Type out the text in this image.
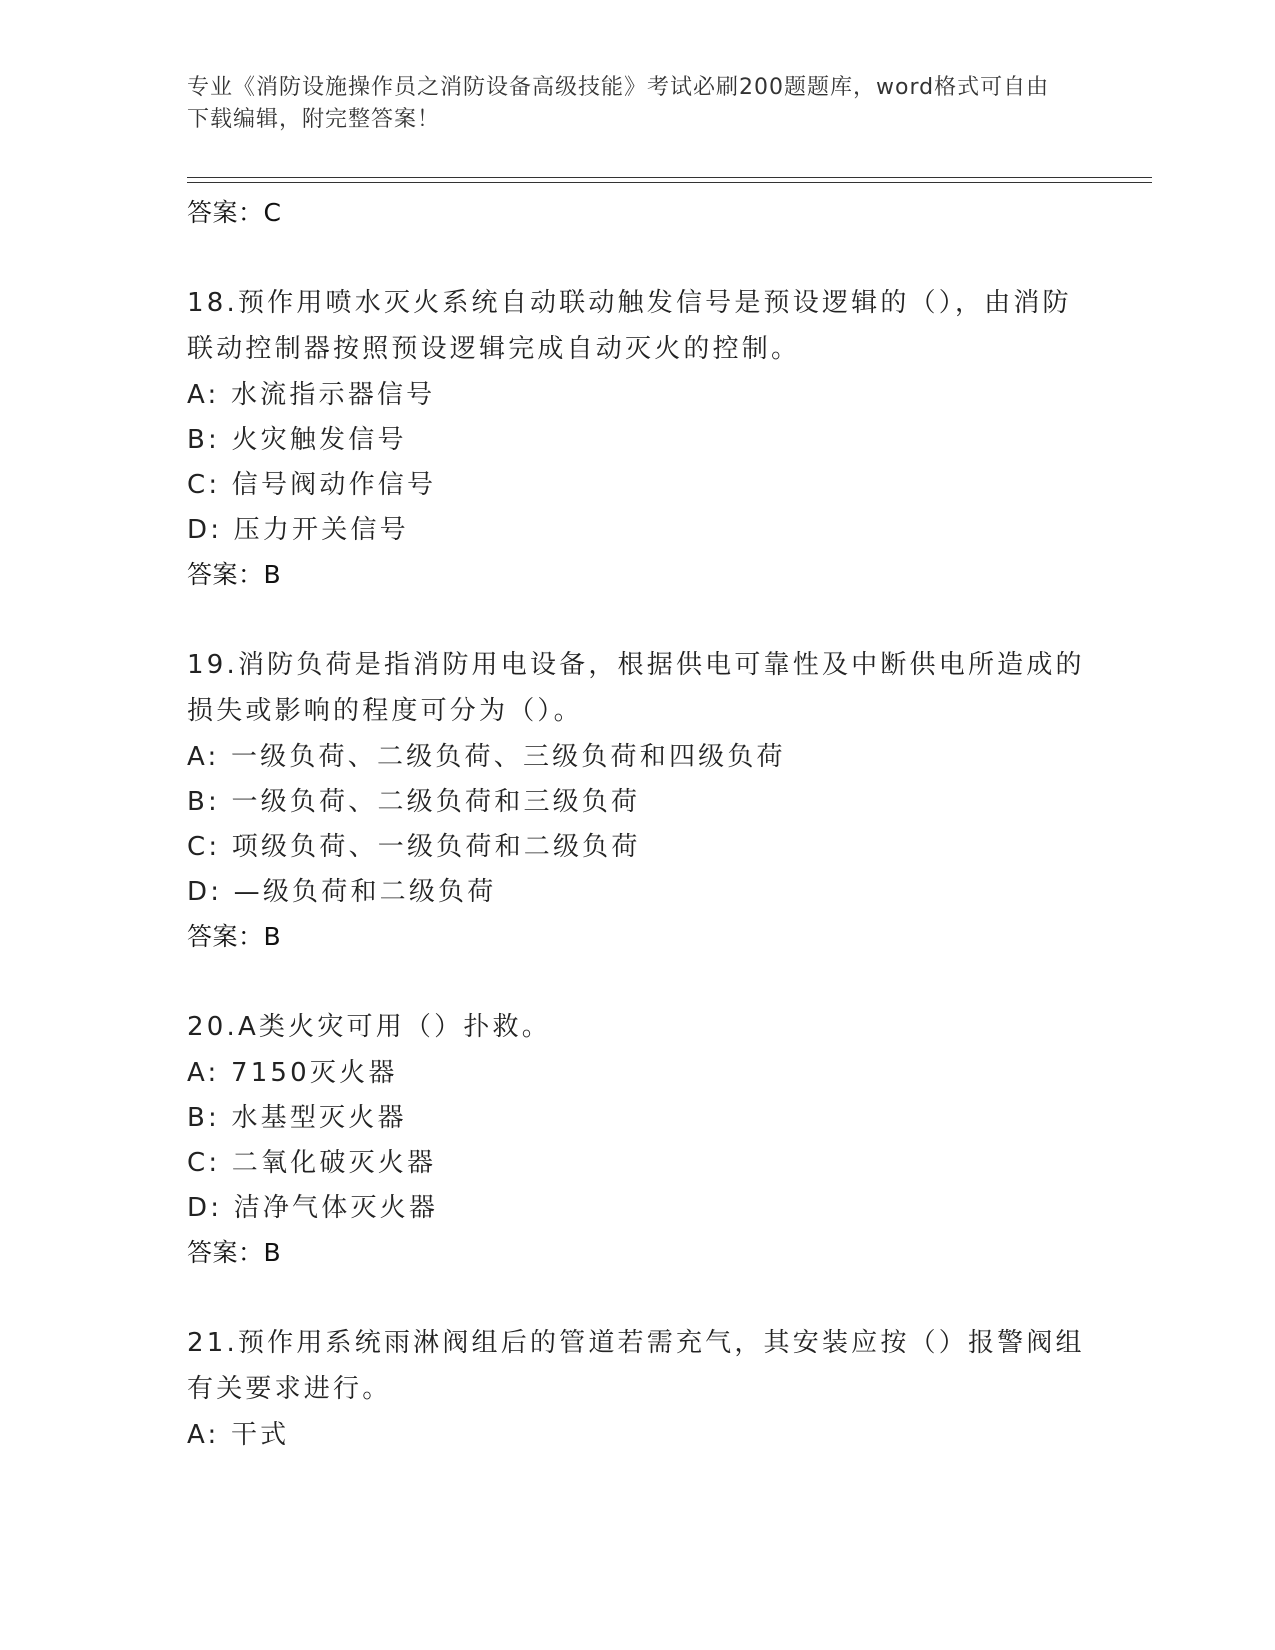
专业《消防设施操作员之消防设备高级技能》考试必刷200题题库，word格式可自由下载编辑，附完整答案！
答案：C
18.预作用喷水灭火系统自动联动触发信号是预设逻辑的（），由消防联动控制器按照预设逻辑完成自动灭火的控制。
A: 水流指示器信号
B: 火灾触发信号
C: 信号阀动作信号
D: 压力开关信号
答案：B
19.消防负荷是指消防用电设备，根据供电可靠性及中断供电所造成的损失或影响的程度可分为（）。
A: 一级负荷、二级负荷、三级负荷和四级负荷
B: 一级负荷、二级负荷和三级负荷
C: 项级负荷、一级负荷和二级负荷
D: —级负荷和二级负荷
答案：B
20.A类火灾可用（）扑救。
A: 7150灭火器
B: 水基型灭火器
C: 二氧化破灭火器
D: 洁净气体灭火器
答案：B
21.预作用系统雨淋阀组后的管道若需充气，其安装应按（）报警阀组有关要求进行。
A: 干式
